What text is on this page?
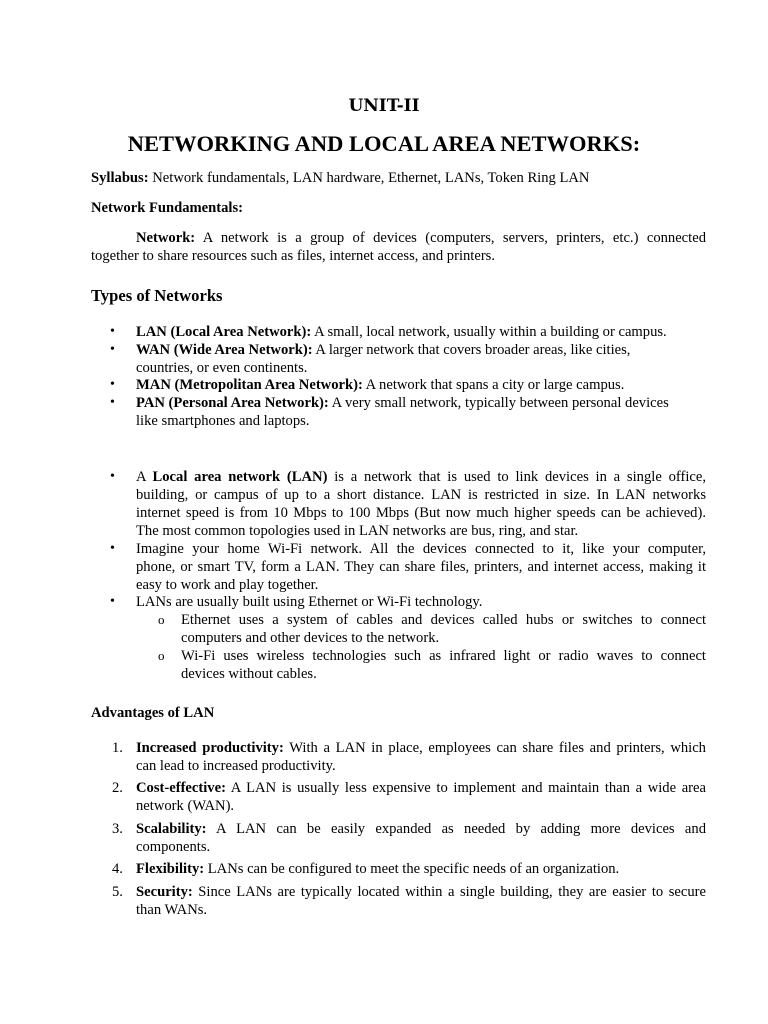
UNIT-II
NETWORKING AND LOCAL AREA NETWORKS:
Syllabus: Network fundamentals, LAN hardware, Ethernet, LANs, Token Ring LAN
Network Fundamentals:
Network: A network is a group of devices (computers, servers, printers, etc.) connected
together to share resources such as files, internet access, and printers.
Types of Networks
• LAN (Local Area Network): A small, local network, usually within a building or campus.
• WAN (Wide Area Network): A larger network that covers broader areas, like cities,
countries, or even continents.
• MAN (Metropolitan Area Network): A network that spans a city or large campus.
• PAN (Personal Area Network): A very small network, typically between personal devices
like smartphones and laptops.
• A Local area network (LAN) is a network that is used to link devices in a single office,
building, or campus of up to a short distance. LAN is restricted in size. In LAN networks
internet speed is from 10 Mbps to 100 Mbps (But now much higher speeds can be achieved).
The most common topologies used in LAN networks are bus, ring, and star.
• Imagine your home Wi-Fi network. All the devices connected to it, like your computer,
phone, or smart TV, form a LAN. They can share files, printers, and internet access, making it
easy to work and play together.
• LANs are usually built using Ethernet or Wi-Fi technology.
o Ethernet uses a system of cables and devices called hubs or switches to connect
computers and other devices to the network.
o Wi-Fi uses wireless technologies such as infrared light or radio waves to connect
devices without cables.
Advantages of LAN
1. Increased productivity: With a LAN in place, employees can share files and printers, which
can lead to increased productivity.
2. Cost-effective: A LAN is usually less expensive to implement and maintain than a wide area
network (WAN).
3. Scalability: A LAN can be easily expanded as needed by adding more devices and
components.
4. Flexibility: LANs can be configured to meet the specific needs of an organization.
5. Security: Since LANs are typically located within a single building, they are easier to secure
than WANs.
